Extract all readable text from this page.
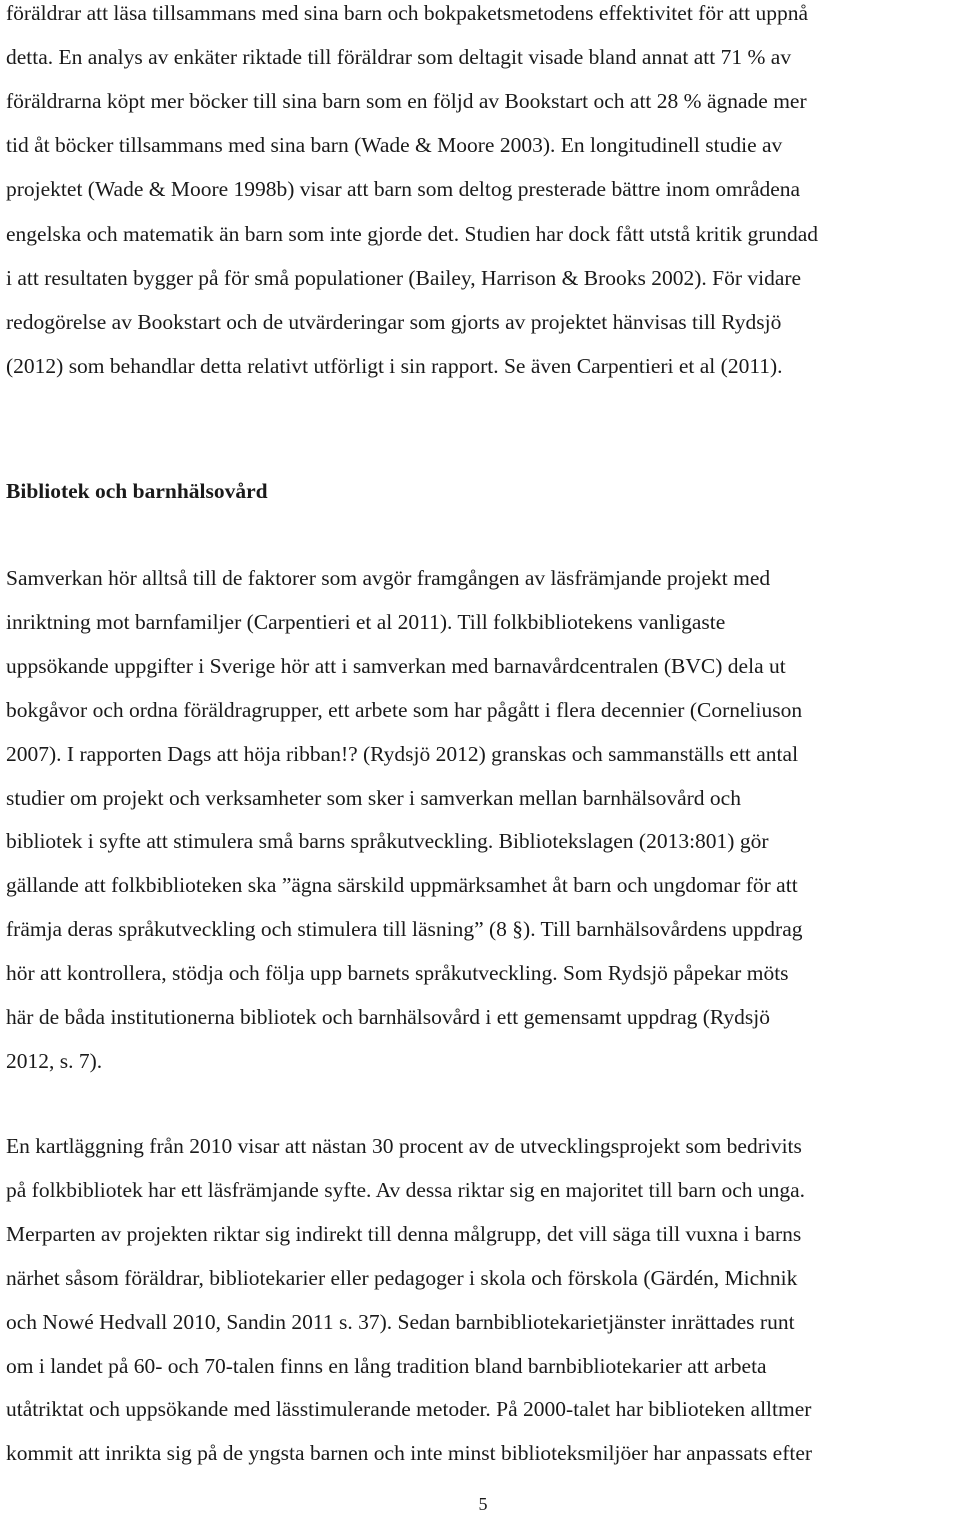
föräldrar att läsa tillsammans med sina barn och bokpaketsmetodens effektivitet för att uppnå
detta. En analys av enkäter riktade till föräldrar som deltagit visade bland annat att 71 % av
föräldrarna köpt mer böcker till sina barn som en följd av Bookstart och att 28 % ägnade mer
tid åt böcker tillsammans med sina barn (Wade & Moore 2003). En longitudinell studie av
projektet (Wade & Moore 1998b) visar att barn som deltog presterade bättre inom områdena
engelska och matematik än barn som inte gjorde det. Studien har dock fått utstå kritik grundad
i att resultaten bygger på för små populationer (Bailey, Harrison & Brooks 2002). För vidare
redogörelse av Bookstart och de utvärderingar som gjorts av projektet hänvisas till Rydsjö
(2012) som behandlar detta relativt utförligt i sin rapport. Se även Carpentieri et al (2011).
Bibliotek och barnhälsovård
Samverkan hör alltså till de faktorer som avgör framgången av läsfrämjande projekt med
inriktning mot barnfamiljer (Carpentieri et al 2011). Till folkbibliotekens vanligaste
uppsökande uppgifter i Sverige hör att i samverkan med barnavårdcentralen (BVC) dela ut
bokgåvor och ordna föräldragrupper, ett arbete som har pågått i flera decennier (Corneliuson
2007). I rapporten Dags att höja ribban!? (Rydsjö 2012) granskas och sammanställs ett antal
studier om projekt och verksamheter som sker i samverkan mellan barnhälsovård och
bibliotek i syfte att stimulera små barns språkutveckling. Bibliotekslagen (2013:801) gör
gällande att folkbiblioteken ska ”ägna särskild uppmärksamhet åt barn och ungdomar för att
främja deras språkutveckling och stimulera till läsning” (8 §). Till barnhälsovårdens uppdrag
hör att kontrollera, stödja och följa upp barnets språkutveckling. Som Rydsjö påpekar möts
här de båda institutionerna bibliotek och barnhälsovård i ett gemensamt uppdrag (Rydsjö
2012, s. 7).
En kartläggning från 2010 visar att nästan 30 procent av de utvecklingsprojekt som bedrivits
på folkbibliotek har ett läsfrämjande syfte. Av dessa riktar sig en majoritet till barn och unga.
Merparten av projekten riktar sig indirekt till denna målgrupp, det vill säga till vuxna i barns
närhet såsom föräldrar, bibliotekarier eller pedagoger i skola och förskola (Gärdén, Michnik
och Nowé Hedvall 2010, Sandin 2011 s. 37). Sedan barnbibliotekarietjänster inrättades runt
om i landet på 60- och 70-talen finns en lång tradition bland barnbibliotekarier att arbeta
utåtriktat och uppsökande med lässtimulerande metoder. På 2000-talet har biblioteken alltmer
kommit att inrikta sig på de yngsta barnen och inte minst biblioteksmiljöer har anpassats efter
5
